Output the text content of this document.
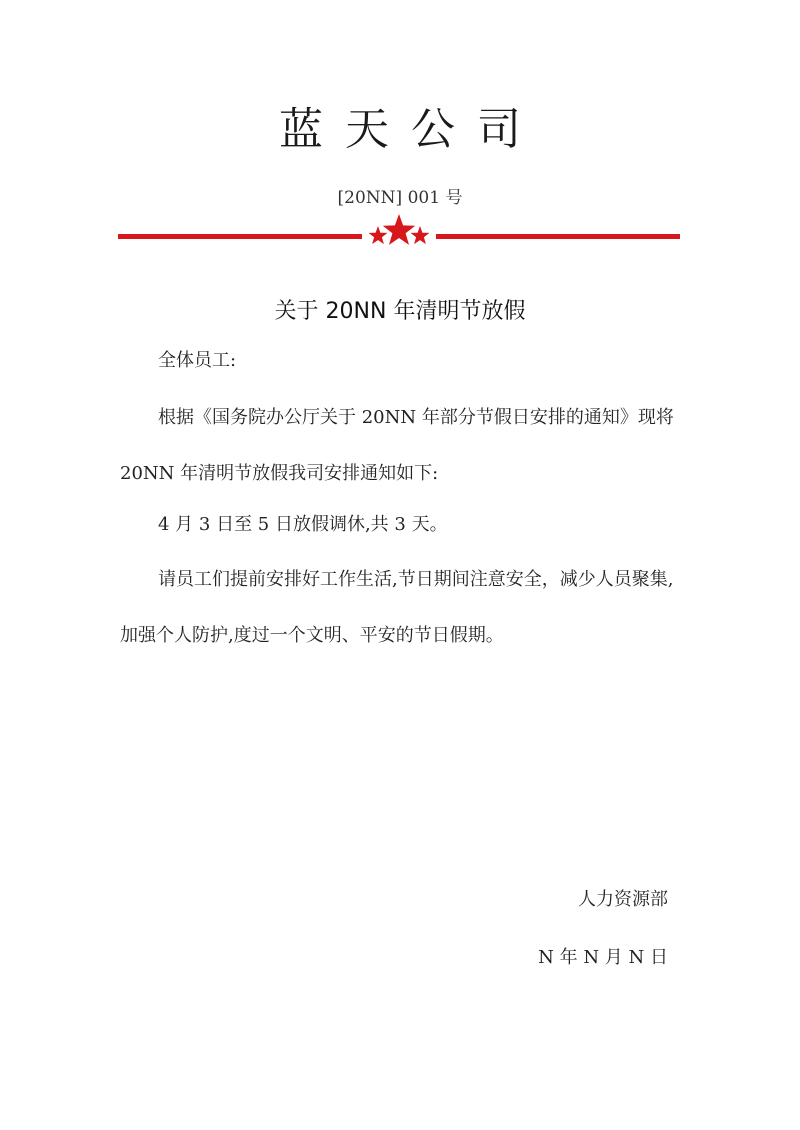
蓝天公司
[20NN] 001 号
关于 20NN 年清明节放假
全体员工:
根据《国务院办公厅关于 20NN 年部分节假日安排的通知》现将 20NN 年清明节放假我司安排通知如下:
4 月 3 日至 5 日放假调休,共 3 天。
请员工们提前安排好工作生活,节日期间注意安全，减少人员聚集,加强个人防护,度过一个文明、平安的节日假期。
人力资源部
N 年 N 月 N 日
